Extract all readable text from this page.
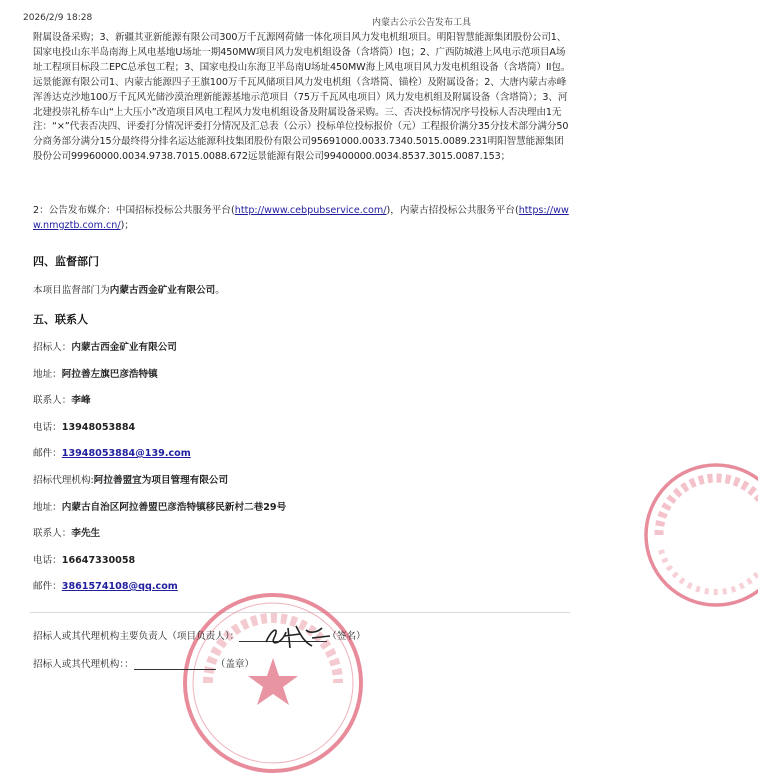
2026/2/9 18:28	内蒙古公示公告发布工具
附属设备采购；3、新疆其亚新能源有限公司300万千瓦源网荷储一体化项目风力发电机组项目。明阳智慧能源集团股份公司1、国家电投山东半岛南海上风电基地U场址一期450MW项目风力发电机组设备（含塔筒）I包；2、广西防城港上风电示范项目A场址工程项目标段二EPC总承包工程；3、国家电投山东海卫半岛南U场址450MW海上风电项目风力发电机组设备（含塔筒）II包。远景能源有限公司1、内蒙古能源四子王旗100万千瓦风储项目风力发电机组（含塔筒、锚栓）及附属设备；2、大唐内蒙古赤峰浑善达克沙地100万千瓦风光储沙漠治理新能源基地示范项目（75万千瓦风电项目）风力发电机组及附属设备（含塔筒）；3、河北建投崇礼桥车山“上大压小”改造项目风电工程风力发电机组设备及附属设备采购。三、否决投标情况序号投标人否决理由1无注：“×”代表否决四、评委打分情况评委打分情况及汇总表（公示）投标单位投标报价（元）工程报价满分35分技术部分满分50分商务部分满分15分最终得分排名运达能源科技集团股份有限公司95691000.0033.7340.5015.0089.231明阳智慧能源集团股份公司99960000.0034.9738.7015.0088.672远景能源有限公司99400000.0034.8537.3015.0087.153；
2：公告发布媒介：中国招标投标公共服务平台(http://www.cebpubservice.com/)，内蒙古招投标公共服务平台(https://www.nmgztb.com.cn/)；
四、监督部门
本项目监督部门为内蒙古西金矿业有限公司。
五、联系人
招标人：内蒙古西金矿业有限公司
地址：阿拉善左旗巴彦浩特镇
联系人：李峰
电话：13948053884
邮件：13948053884@139.com
招标代理机构:阿拉善盟宜为项目管理有限公司
地址：内蒙古自治区阿拉善盟巴彦浩特镇移民新村二巷29号
联系人：李先生
电话：16647330058
邮件：3861574108@qq.com
招标人或其代理机构主要负责人（项目负责人）：	（签名）
招标人或其代理机构：：	（盖章）
